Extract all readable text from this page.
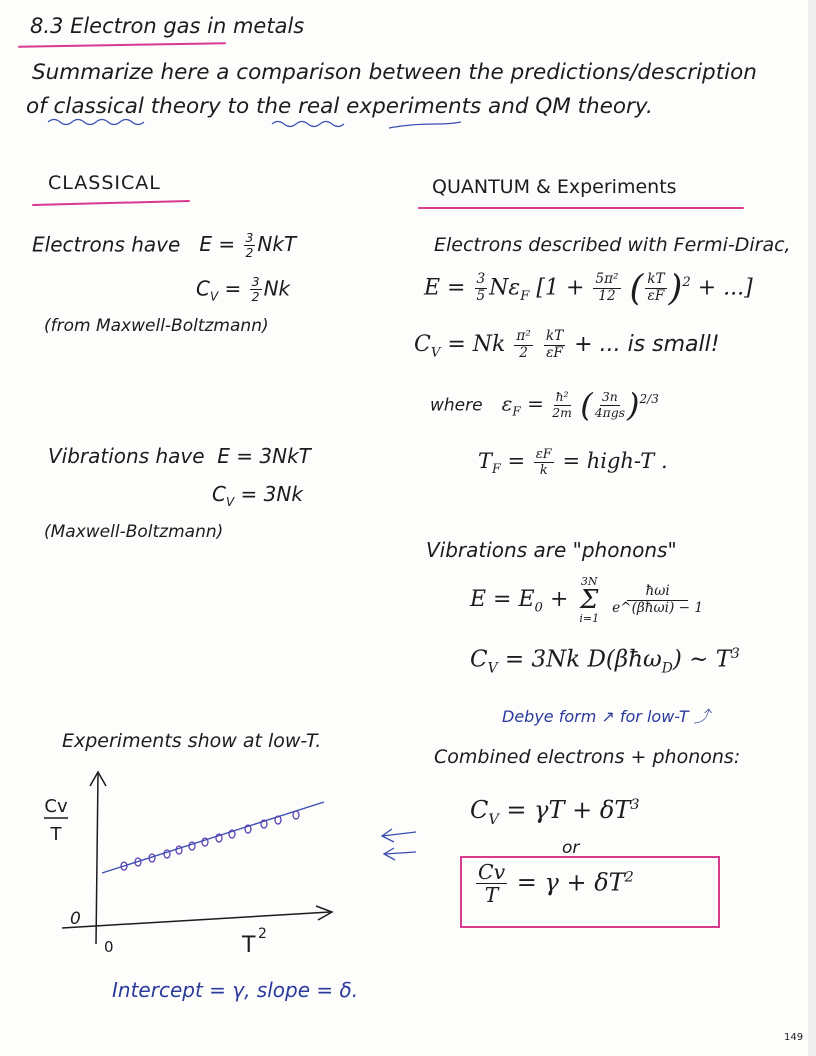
8.3 Electron gas in metals
Summarize here a comparison between the predictions/description
of classical theory to the real experiments and QM theory.
CLASSICAL
Electrons have $E = \frac{3}{2}$ NkT
$C_V = \frac{3}{2}$ Nk
(from Maxwell-Boltzmann)
Vibrations have E = 3NkT
$C_V = 3Nk$
(Maxwell-Boltzmann)
QUANTUM & Experiments
Electrons described with Fermi-Dirac,
$E = \frac{3}{5} N\varepsilon_F$ [$1 + \frac{\text{5π²}}{12}$ ( $\frac{kT}{\varepsilon F} )^2$ + ...]
$C_V = Nk \frac{\text{π²}}{2}$
$\frac{kT}{\varepsilon F}$ + ... is small!
where $\varepsilon_F = \frac{\text{ħ²}}{2m}$ ( $\frac{3n}{\text{4πgs}} )^{2/3}$
$T_F = \frac{\varepsilon F}{k}$ = high-T .
Vibrations are "phonons"
$E = E_0$ +
3N
Σ
i=1

$\frac{\text{ħωi}}{\text{e\textasciicircum{}(βħωi) − 1}}$
$C_V = 3Nk$ D(βħω$_D$) ~ $T^3$
Debye form ↗ for low-T ⤴
Combined electrons + phonons:
$C_V = \gamma T + \delta T^3$
or
$\frac{Cv}{T} = \gamma + \delta T^2$
Experiments show at low-T.
Cv
T
0
0	T 2
Intercept = γ, slope = δ.
149
